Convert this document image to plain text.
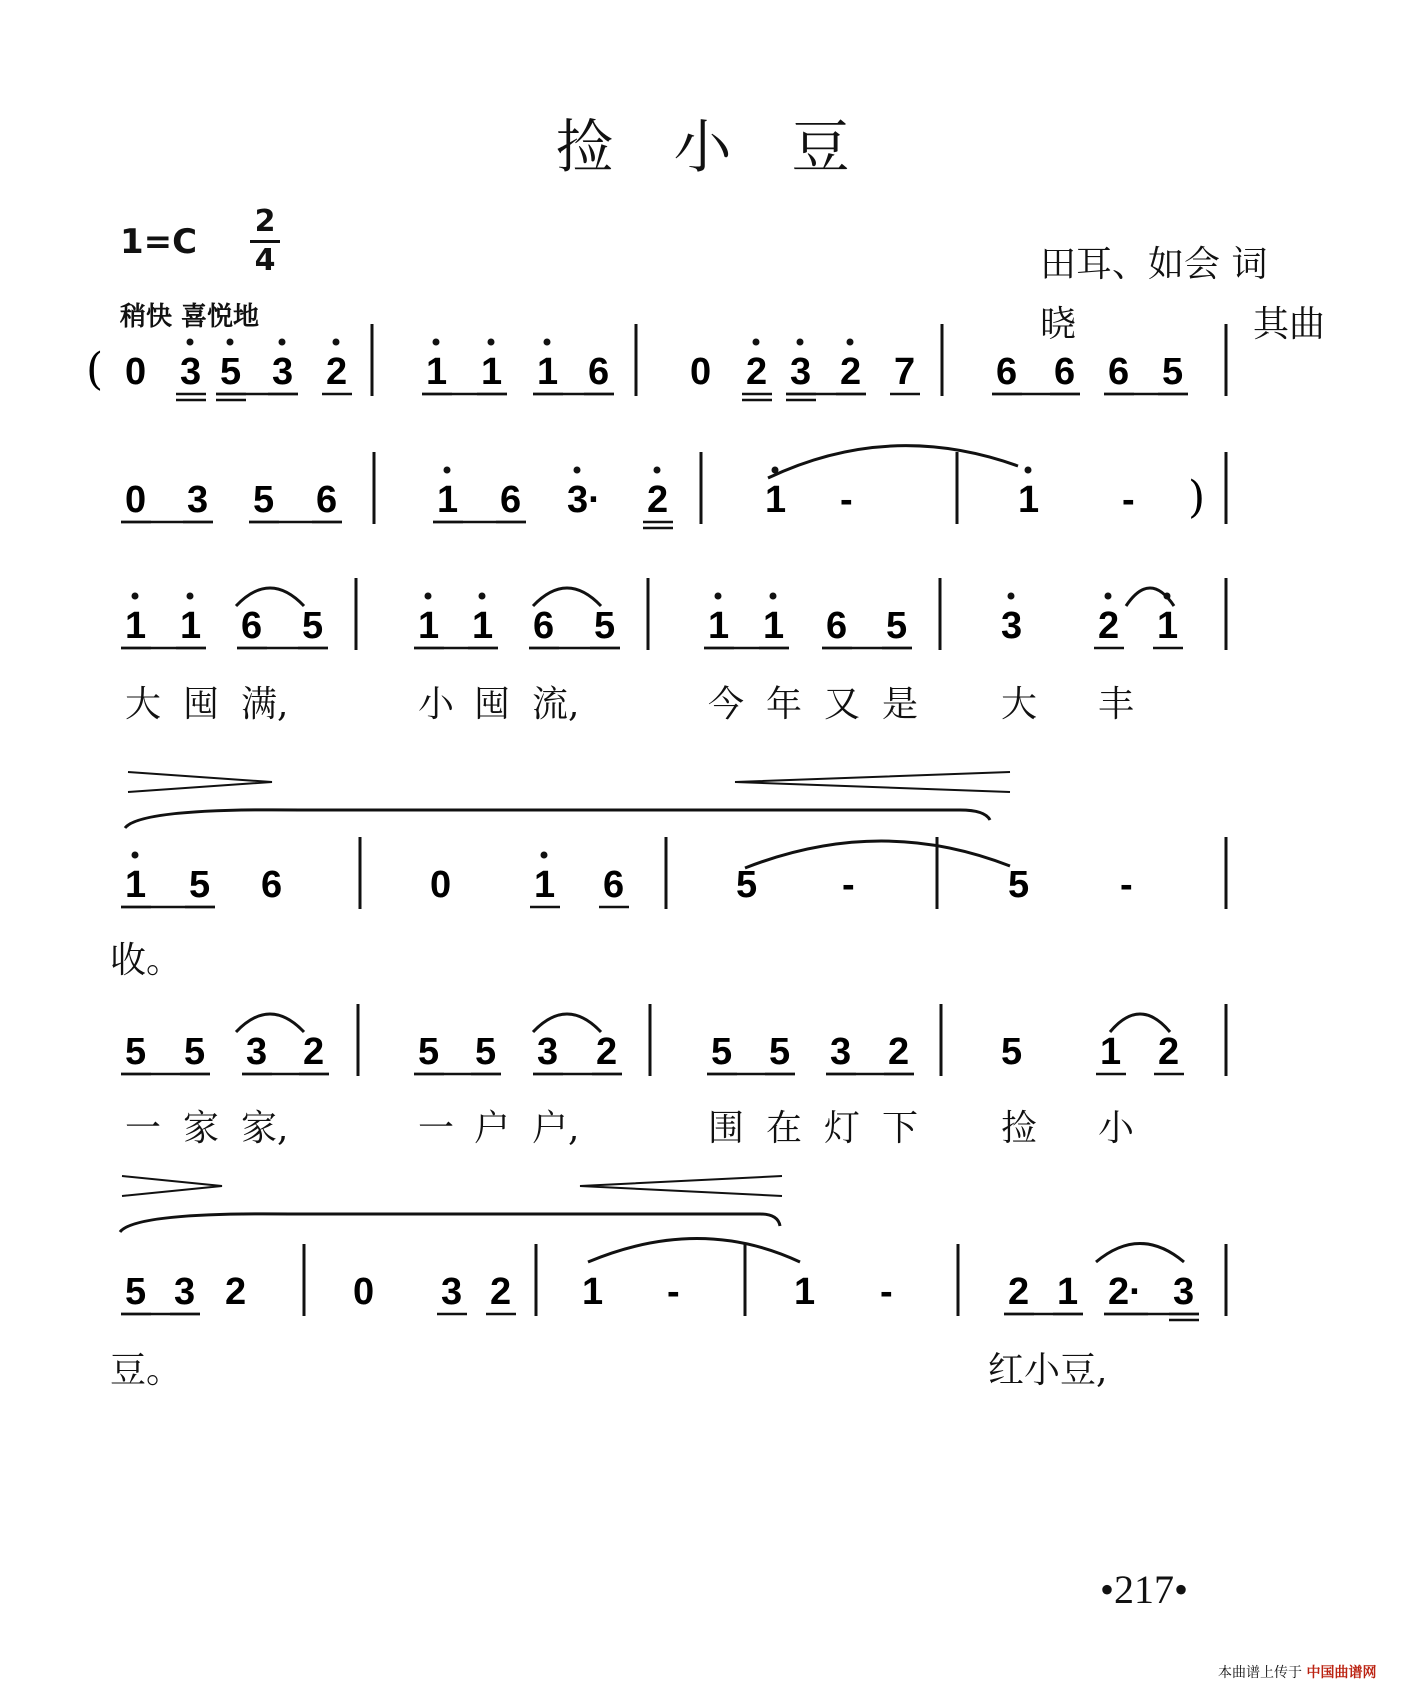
捡小豆
1=C
2
4
稍快 喜悦地
田耳、如会 词
晓	其曲
( 0 3 5 3 2 1 1 1 6 0 2 3 2 7 6 6 6 5
)
0 3 5 6	1 6 3· 2	1 -	1 -
1 1 6 5 1 1 6 5 1 1 6 5 3 2 1
1 5 6	0 1 6	5 -	5 -
5 5 3 2 5 5 3 2 5 5 3 2 5 1 2
5 3 2	0 3 2 1 -	1 -	2 1 2· 3
大 囤 满,	小 囤 流,	今 年 又 是 大 丰
收。
一 家 家,	一 户 户,	围 在 灯 下 捡 小
豆。	红小豆,
•217•
本曲谱上传于 中国曲谱网
